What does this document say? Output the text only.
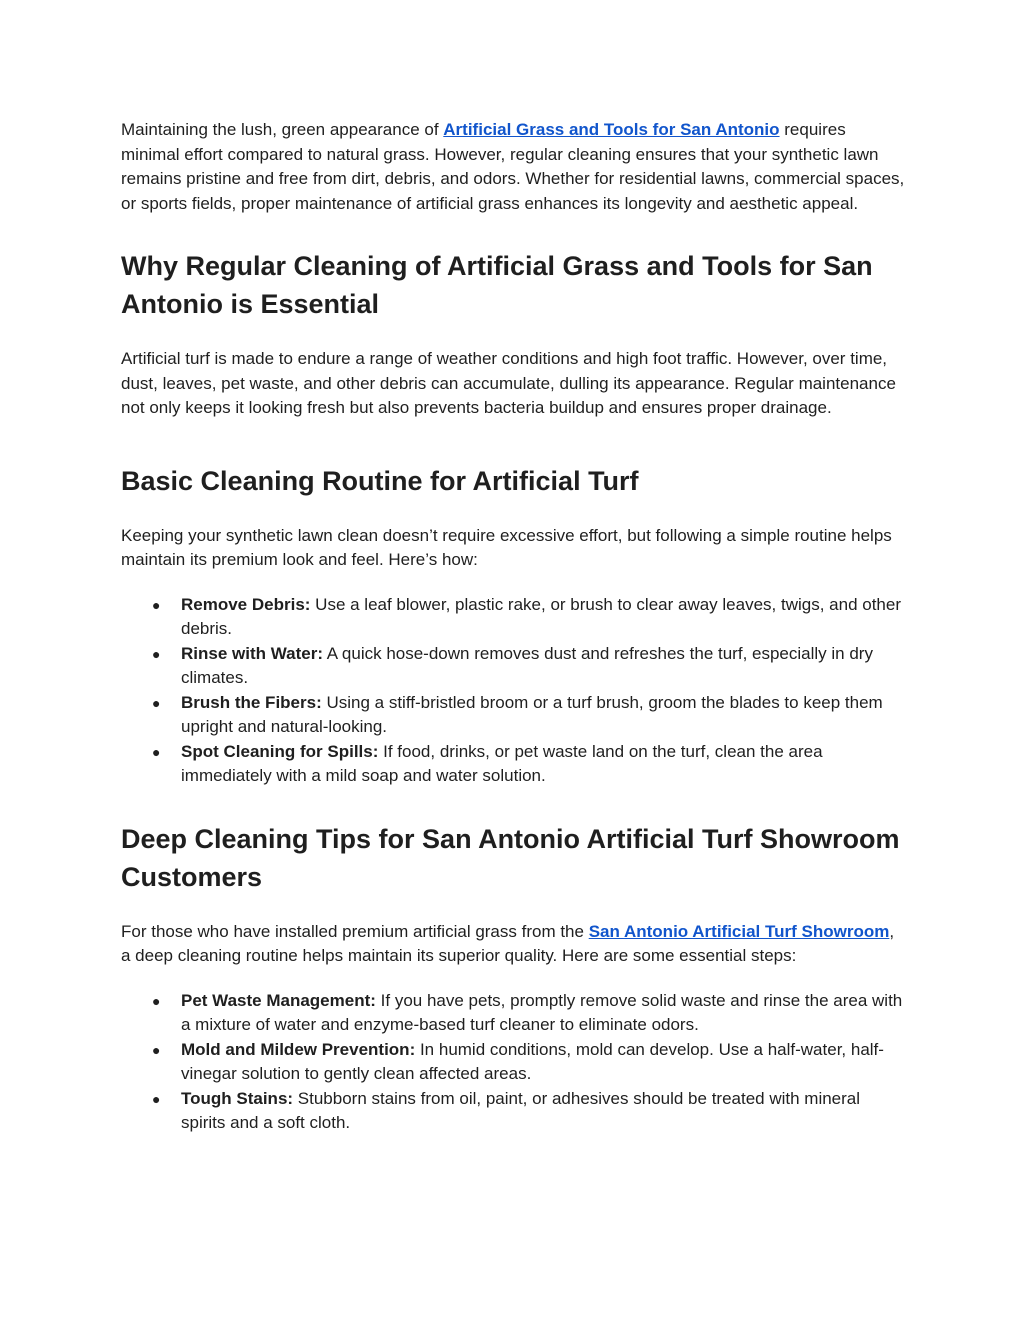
Maintaining the lush, green appearance of Artificial Grass and Tools for San Antonio requires minimal effort compared to natural grass. However, regular cleaning ensures that your synthetic lawn remains pristine and free from dirt, debris, and odors. Whether for residential lawns, commercial spaces, or sports fields, proper maintenance of artificial grass enhances its longevity and aesthetic appeal.

Why Regular Cleaning of Artificial Grass and Tools for San Antonio is Essential

Artificial turf is made to endure a range of weather conditions and high foot traffic. However, over time, dust, leaves, pet waste, and other debris can accumulate, dulling its appearance. Regular maintenance not only keeps it looking fresh but also prevents bacteria buildup and ensures proper drainage.

Basic Cleaning Routine for Artificial Turf

Keeping your synthetic lawn clean doesn’t require excessive effort, but following a simple routine helps maintain its premium look and feel. Here’s how:

● Remove Debris: Use a leaf blower, plastic rake, or brush to clear away leaves, twigs, and other debris.
● Rinse with Water: A quick hose-down removes dust and refreshes the turf, especially in dry climates.
● Brush the Fibers: Using a stiff-bristled broom or a turf brush, groom the blades to keep them upright and natural-looking.
● Spot Cleaning for Spills: If food, drinks, or pet waste land on the turf, clean the area immediately with a mild soap and water solution.
Deep Cleaning Tips for San Antonio Artificial Turf Showroom Customers

For those who have installed premium artificial grass from the San Antonio Artificial Turf Showroom, a deep cleaning routine helps maintain its superior quality. Here are some essential steps:

● Pet Waste Management: If you have pets, promptly remove solid waste and rinse the area with a mixture of water and enzyme-based turf cleaner to eliminate odors.
● Mold and Mildew Prevention: In humid conditions, mold can develop. Use a half-water, half-vinegar solution to gently clean affected areas.
● Tough Stains: Stubborn stains from oil, paint, or adhesives should be treated with mineral spirits and a soft cloth.
